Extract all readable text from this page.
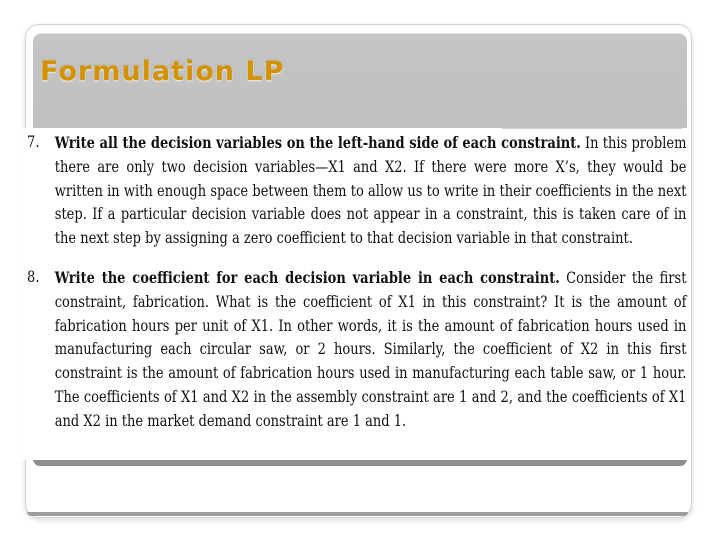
Formulation LP
7. Write all the decision variables on the left-hand side of each constraint. In this problem there are only two decision variables—X1 and X2. If there were more X’s, they would be written in with enough space between them to allow us to write in their coefficients in the next step. If a particular decision variable does not appear in a constraint, this is taken care of in the next step by assigning a zero coefficient to that decision variable in that constraint.
8. Write the coefficient for each decision variable in each constraint. Consider the first constraint, fabrication. What is the coefficient of X1 in this constraint? It is the amount of fabrication hours per unit of X1. In other words, it is the amount of fabrication hours used in manufacturing each circular saw, or 2 hours. Similarly, the coefficient of X2 in this first constraint is the amount of fabrication hours used in manufacturing each table saw, or 1 hour. The coefficients of X1 and X2 in the assembly constraint are 1 and 2, and the coefficients of X1 and X2 in the market demand constraint are 1 and 1.
